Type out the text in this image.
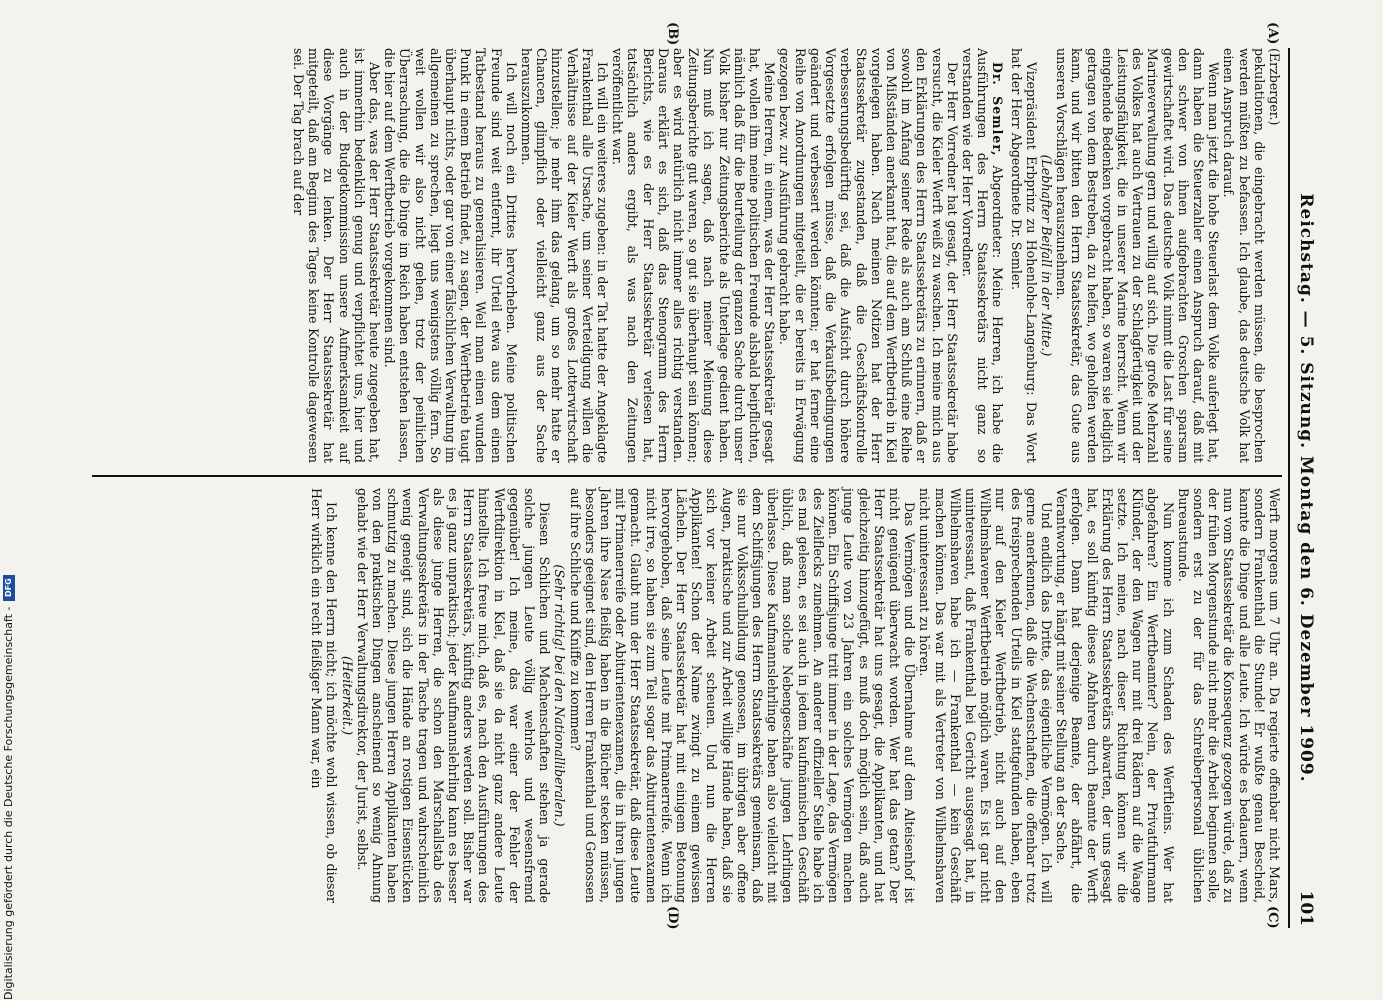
Reichstag. — 5. Sitzung. Montag den 6. Dezember 1909.
101
(A)
(B)
(C)
(D)

(Erzberger.)

pekulationen, die eingebracht werden müssen, die besprochen werden müßten zu befassen. Ich glaube, das deutsche Volk hat einen Anspruch darauf.

Wenn man jetzt die hohe Steuerlast dem Volke auferlegt hat, dann haben die Steuerzahler einen Anspruch darauf, daß mit den schwer von ihnen aufgebrachten Groschen sparsam gewirtschaftet wird. Das deutsche Volk nimmt die Last für seine Marineverwaltung gern und willig auf sich. Die große Mehrzahl des Volkes hat auch Vertrauen zu der Schlagfertigkeit und der Leistungsfähigkeit, die in unserer Marine herrscht. Wenn wir eingehende Bedenken vorgebracht haben, so waren sie lediglich getragen von dem Bestreben, da zu helfen, wo geholfen werden kann, und wir bitten den Herrn Staatssekretär, das Gute aus unseren Vorschlägen herauszunehmen.

(Lebhafter Beifall in der Mitte.)

Vizepräsident Erbprinz zu Hohenlohe-Langenburg: Das Wort hat der Herr Abgeordnete Dr. Semler.

Dr. Semler, Abgeordneter: Meine Herren, ich habe die Ausführungen des Herrn Staatssekretärs nicht ganz so verstanden wie der Herr Vorredner.

Der Herr Vorredner hat gesagt, der Herr Staatssekretär habe versucht, die Kieler Werft weiß zu waschen. Ich meine mich aus den Erklärungen des Herrn Staatssekretärs zu erinnern, daß er sowohl im Anfang seiner Rede als auch am Schluß eine Reihe von Mißständen anerkannt hat, die auf dem Werftbetrieb in Kiel vorgelegen haben. Nach meinen Notizen hat der Herr Staatssekretär zugestanden, daß die Geschäftskontrolle verbesserungsbedürftig sei, daß die Aufsicht durch höhere Vorgesetzte erfolgen müsse, daß die Verkaufsbedingungen geändert und verbessert werden könnten; er hat ferner eine Reihe von Anordnungen mitgeteilt, die er bereits in Erwägung gezogen bezw. zur Ausführung gebracht habe.

Meine Herren, in einem, was der Herr Staatssekretär gesagt hat, wollen ihm meine politischen Freunde alsbald beipflichten, nämlich daß für die Beurteilung der ganzen Sache durch unser Volk bisher nur Zeitungsberichte als Unterlage gedient haben. Nun muß ich sagen, daß nach meiner Meinung diese Zeitungsberichte gut waren, so gut sie überhaupt sein können; aber es wird natürlich nicht immer alles richtig verstanden. Daraus erklärt es sich, daß das Stenogramm des Herrn Berichts, wie es der Herr Staatssekretär verlesen hat, tatsächlich anders ergibt, als was nach den Zeitungen veröffentlicht war.

Ich will ein weiteres zugeben: in der Tat hatte der Angeklagte Frankenthal alle Ursache, um seiner Verteidigung willen die Verhältnisse auf der Kieler Werft als großes Lotterwirtschaft hinzustellen; je mehr ihm das gelang, um so mehr hatte er Chancen, glimpflich oder vielleicht ganz aus der Sache herauszukommen.

Ich will noch ein Drittes hervorheben. Meine politischen Freunde sind weit entfernt, ihr Urteil etwa aus dem einen Tatbestand heraus zu generalisieren. Weil man einen wunden Punkt in einem Betrieb findet, zu sagen, der Werftbetrieb taugt überhaupt nichts, oder gar von einer fälschlichen Verwaltung im allgemeinen zu sprechen, liegt uns wenigstens völlig fern. So weit wollen wir also nicht gehen, trotz der peinlichen Überraschung, die die Dinge im Reich haben entstehen lassen, die hier auf dem Werftbetrieb vorgekommen sind.

Aber das, was der Herr Staatssekretär heute zugegeben hat, ist immerhin bedenklich genug und verpflichtet uns, hier und auch in der Budgetkommission unsere Aufmerksamkeit auf diese Vorgänge zu lenken. Der Herr Staatssekretär hat mitgeteilt, daß am Beginn des Tages keine Kontrolle dagewesen sei. Der Tag brach auf der

Werft morgens um 7 Uhr an. Da regierte offenbar nicht Mars, sondern Frankenthal die Stunde! Er wußte genau Bescheid, kannte die Dinge und alle Leute. Ich würde es bedauern, wenn nun vom Staatssekretär die Konsequenz gezogen würde, daß zu der frühen Morgenstunde nicht mehr die Arbeit beginnen solle, sondern erst zu der für das Schreiberpersonal üblichen Bureaustunde.

Nun komme ich zum Schaden des Werftleins. Wer hat abgefahren? Ein Werftbeamter? Nein, der Privatfuhrmann Klünder, der den Wagen nur mit drei Rädern auf die Waage setzte. Ich meine, nach dieser Richtung können wir die Erklärung des Herrn Staatssekretärs abwarten, der uns gesagt hat, es soll künftig dieses Abfahren durch Beamte der Werft erfolgen. Dann hat derjenige Beamte, der abfährt, die Verantwortung, er hängt mit seiner Stellung an der Sache.

Und endlich das Dritte, das eigentliche Vermögen. Ich will gerne anerkennen, daß die Wachenschaften, die offenbar trotz des freisprechenden Urteils in Kiel stattgefunden haben, eben nur auf den Kieler Werftbetrieb, nicht auch auf den Wilhelmshavener Werftbetrieb möglich waren. Es ist gar nicht uninteressant, daß Frankenthal bei Gericht ausgesagt hat, in Wilhelmshaven habe ich — Frankenthal — kein Geschäft machen können. Das war mit als Vertreter von Wilhelmshaven nicht uninteressant zu hören.

Das Vermögen und die Übernahme auf dem Alteisenhof ist nicht genügend überwacht worden. Wer hat das getan? Der Herr Staatssekretär hat uns gesagt, die Applikanten, und hat gleichzeitig hinzugefügt, es muß doch möglich sein, daß auch junge Leute von 23 Jahren ein solches Vermögen machen können. Ein Schiffsjunge tritt immer in der Lage, das Vermögen des Zielflecks zunehmen. An anderer offizieller Stelle habe ich es mal gelesen, es sei auch in jedem kaufmännischen Geschäft üblich, daß man solche Nebengeschäfte jungen Lehrlingen überlasse. Diese Kaufmannslehrlinge haben also vielleicht mit dem Schiffsjungen des Herrn Staatssekretärs gemeinsam, daß sie nur Volksschulbildung genossen, im übrigen aber offene Augen, praktische und zur Arbeit willige Hände haben, daß sie sich vor keiner Arbeit scheuen. Und nun die Herren Applikanten! Schon der Name zwingt zu einem gewissen Lächeln. Der Herr Staatssekretär hat mit einigem Betonung hervorgehoben, daß seine Leute mit Primanerreife. Wenn ich nicht irre, so haben sie zum Teil sogar das Abiturientenexamen gemacht. Glaubt nun der Herr Staatssekretär, daß diese Leute mit Primanerreife oder Abiturientenexamen, die in ihren jungen Jahren ihre Nase fleißig haben in die Bücher stecken müssen, besonders geeignet sind, den Herren Frankenthal und Genossen auf ihre Schliche und Kniffe zu kommen?

(Sehr richtig! bei den Nationalliberalen.)

Diesen Schlichen und Machenschaften stehen ja gerade solche jungen Leute völlig wehrlos und wesensfremd gegenüber! Ich meine, das war einer der Fehler der Werftdirektion in Kiel, daß sie da nicht ganz andere Leute hinstellte. Ich freue mich, daß es, nach den Ausführungen des Herrn Staatssekretärs, künftig anders werden soll. Bisher war es ja ganz unpraktisch; jeder Kaufmannslehrling kann es besser als diese junge Herren, die schon den Marschallstab des Verwaltungssekretärs in der Tasche tragen und wahrscheinlich wenig geneigt sind, sich die Hände an rostigen Eisenstücken schmutzig zu machen. Diese jungen Herren Applikanten haben von den praktischen Dingen anscheinend so wenig Ahnung gehabt wie der Herr Verwaltungsdirektor, der Jurist, selbst.

(Heiterkeit.)

Ich kenne den Herrn nicht; ich möchte wohl wissen, ob dieser Herr wirklich ein recht fleißiger Mann war, ein

Digitalisierung gefördert durch die Deutsche Forschungsgemeinschaft -
DFG
